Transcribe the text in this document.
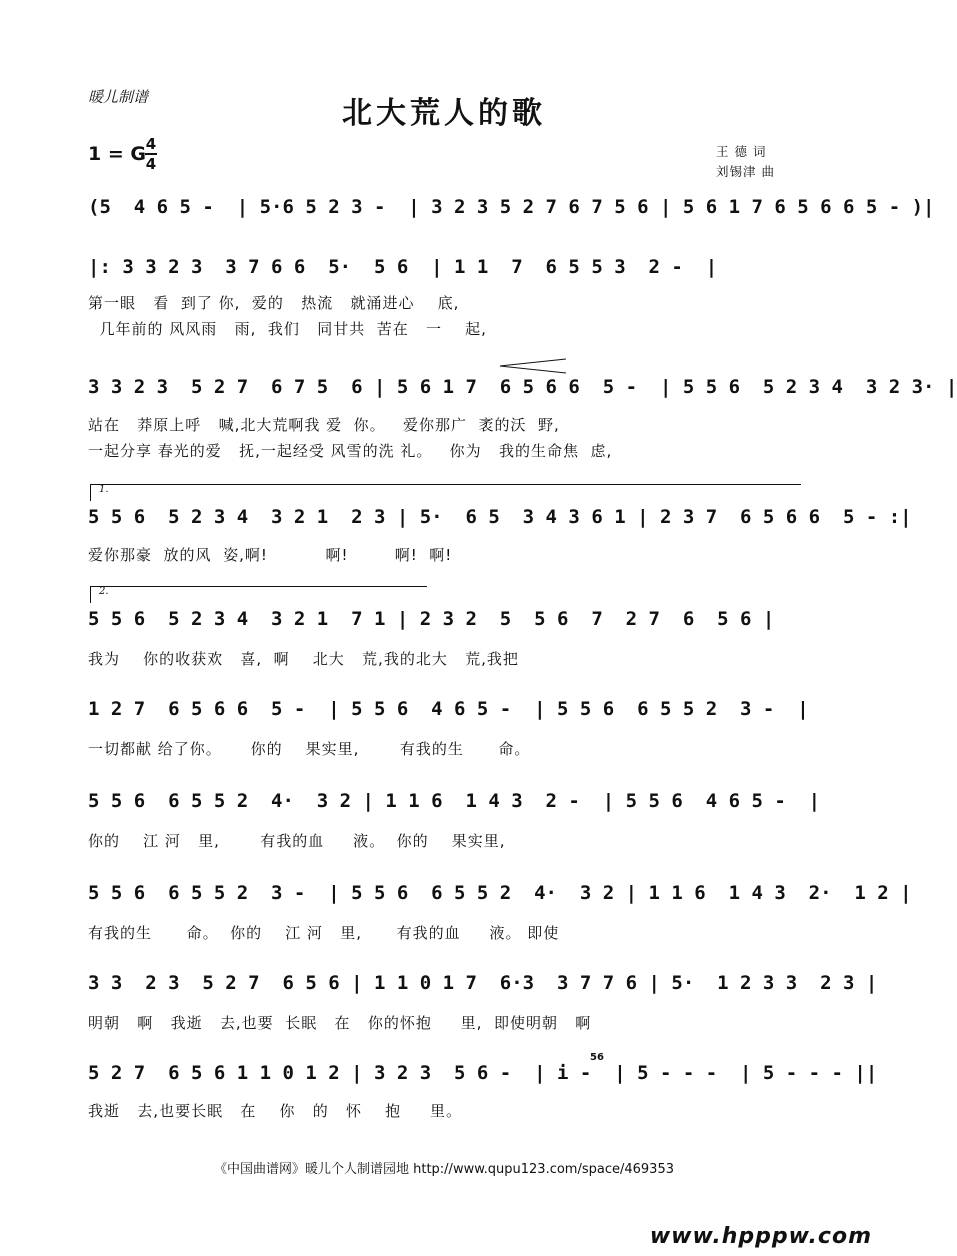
暖儿制谱	北大荒人的歌
1 = G 4
4
王 德 词
刘锡津 曲
(5  4 6 5 -  | 5·6 5 2 3 -  | 3 2 3 5 2 7 6 7 5 6 | 5 6 1 7 6 5 6 6 5 - )|
|: 3 3 2 3  3 7 6 6  5·  5 6  | 1 1  7  6 5 5 3  2 -  |
第一眼   看  到了 你,  爱的   热流   就涌进心    底,
几年前的 风风雨   雨,  我们   同甘共  苦在   一    起,
3 3 2 3  5 2 7  6 7 5  6 | 5 6 1 7  6 5 6 6  5 -  | 5 5 6  5 2 3 4  3 2 3· |
站在   莽原上呼   喊,北大荒啊我 爱  你。   爱你那广  袤的沃  野,
一起分享 春光的爱   抚,一起经受 风雪的洗 礼。   你为   我的生命焦  虑,
1.
5 5 6  5 2 3 4  3 2 1  2 3 | 5·  6 5  3 4 3 6 1 | 2 3 7  6 5 6 6  5 - :|
爱你那豪  放的风  姿,啊!          啊!        啊!  啊!
2.
5 5 6  5 2 3 4  3 2 1  7 1 | 2 3 2  5  5 6  7  2 7  6  5 6 |
我为    你的收获欢   喜,  啊    北大   荒,我的北大   荒,我把
1 2 7  6 5 6 6  5 -  | 5 5 6  4 6 5 -  | 5 5 6  6 5 5 2  3 -  |
一切都献 给了你。     你的    果实里,       有我的生      命。
5 5 6  6 5 5 2  4·  3 2 | 1 1 6  1 4 3  2 -  | 5 5 6  4 6 5 -  |
你的    江 河   里,       有我的血     液。  你的    果实里,
5 5 6  6 5 5 2  3 -  | 5 5 6  6 5 5 2  4·  3 2 | 1 1 6  1 4 3  2·  1 2 |
有我的生      命。  你的    江 河   里,      有我的血     液。 即使
3 3  2 3  5 2 7  6 5 6 | 1 1 0 1 7  6·3  3 7 7 6 | 5·  1 2 3 3  2 3 |
明朝   啊   我逝   去,也要  长眠   在   你的怀抱     里,  即使明朝   啊
56
5 2 7  6 5 6 1 1 0 1 2 | 3 2 3  5 6 -  | i -  | 5 - - -  | 5 - - - ||
我逝   去,也要长眠   在    你   的   怀    抱     里。
《中国曲谱网》暖儿个人制谱园地 http://www.qupu123.com/space/469353
www.hpppw.com
